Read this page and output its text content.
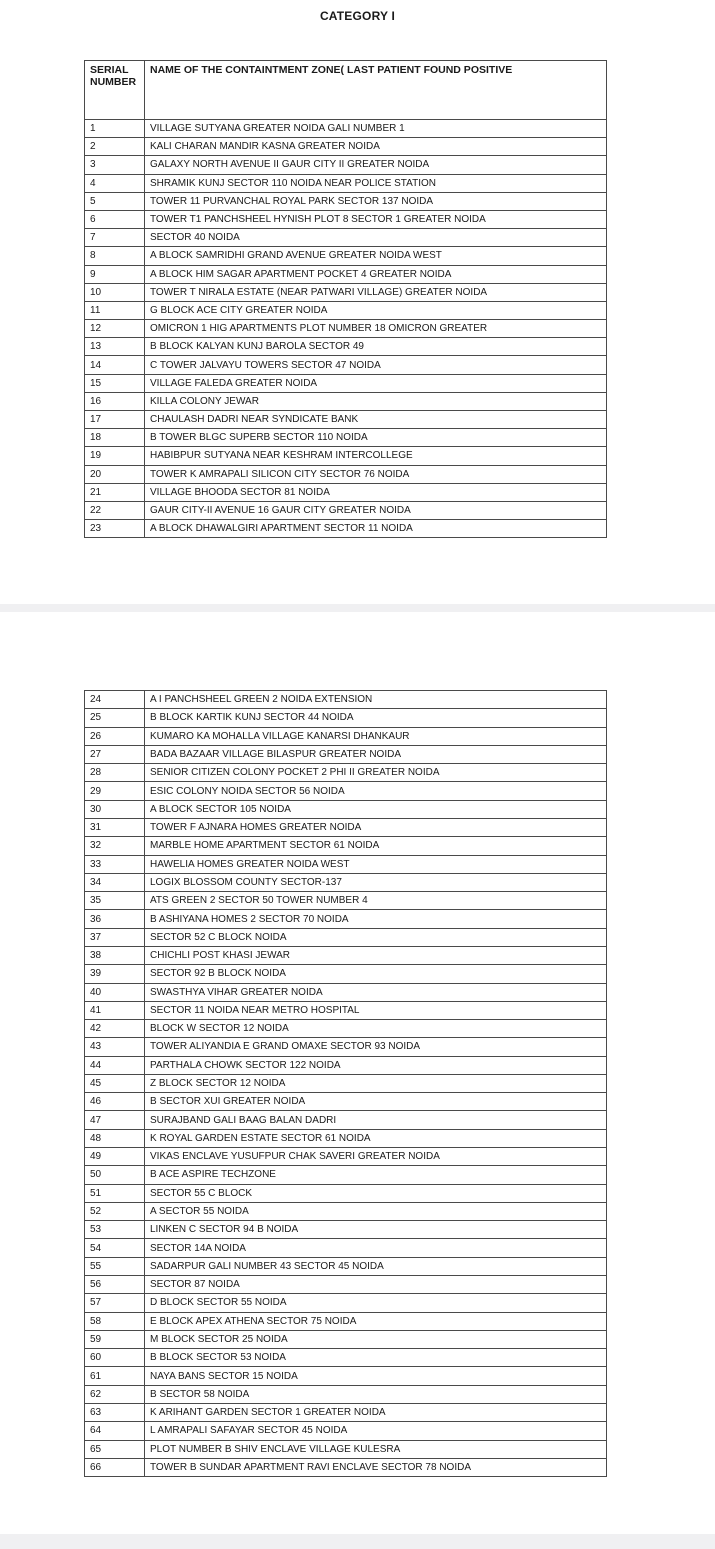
CATEGORY I
SERIAL NUMBER	NAME OF THE CONTAINTMENT ZONE( LAST PATIENT FOUND POSITIVE
1	VILLAGE SUTYANA GREATER NOIDA GALI NUMBER 1
2	KALI CHARAN MANDIR KASNA GREATER NOIDA
3	GALAXY NORTH AVENUE II GAUR CITY II GREATER NOIDA
4	SHRAMIK KUNJ SECTOR 110 NOIDA NEAR POLICE STATION
5	TOWER 11 PURVANCHAL ROYAL PARK SECTOR 137 NOIDA
6	TOWER T1 PANCHSHEEL HYNISH PLOT 8 SECTOR 1 GREATER NOIDA
7	SECTOR 40 NOIDA
8	A BLOCK SAMRIDHI GRAND AVENUE GREATER NOIDA WEST
9	A BLOCK HIM SAGAR APARTMENT POCKET 4 GREATER NOIDA
10	TOWER T NIRALA ESTATE (NEAR PATWARI VILLAGE) GREATER NOIDA
11	G BLOCK ACE CITY GREATER NOIDA
12	OMICRON 1 HIG APARTMENTS PLOT NUMBER 18 OMICRON GREATER
13	B BLOCK KALYAN KUNJ BAROLA SECTOR 49
14	C TOWER JALVAYU TOWERS SECTOR 47 NOIDA
15	VILLAGE FALEDA GREATER NOIDA
16	KILLA COLONY JEWAR
17	CHAULASH DADRI NEAR SYNDICATE BANK
18	B TOWER BLGC SUPERB SECTOR 110 NOIDA
19	HABIBPUR SUTYANA NEAR KESHRAM INTERCOLLEGE
20	TOWER K AMRAPALI SILICON CITY SECTOR 76 NOIDA
21	VILLAGE BHOODA SECTOR 81 NOIDA
22	GAUR CITY-II AVENUE 16 GAUR CITY GREATER NOIDA
23	A BLOCK DHAWALGIRI APARTMENT SECTOR 11 NOIDA
24	A I PANCHSHEEL GREEN 2 NOIDA EXTENSION
25	B BLOCK KARTIK KUNJ SECTOR 44 NOIDA
26	KUMARO KA MOHALLA VILLAGE KANARSI DHANKAUR
27	BADA BAZAAR VILLAGE BILASPUR GREATER NOIDA
28	SENIOR CITIZEN COLONY POCKET 2 PHI II GREATER NOIDA
29	ESIC COLONY NOIDA SECTOR 56 NOIDA
30	A BLOCK SECTOR 105 NOIDA
31	TOWER F AJNARA HOMES GREATER NOIDA
32	MARBLE HOME APARTMENT SECTOR 61 NOIDA
33	HAWELIA HOMES GREATER NOIDA WEST
34	LOGIX BLOSSOM COUNTY SECTOR-137
35	ATS GREEN 2 SECTOR 50 TOWER NUMBER 4
36	B ASHIYANA HOMES 2 SECTOR 70 NOIDA
37	SECTOR 52 C BLOCK NOIDA
38	CHICHLI POST KHASI JEWAR
39	SECTOR 92 B BLOCK NOIDA
40	SWASTHYA VIHAR GREATER NOIDA
41	SECTOR 11 NOIDA NEAR METRO HOSPITAL
42	BLOCK W SECTOR 12 NOIDA
43	TOWER ALIYANDIA E GRAND OMAXE SECTOR 93 NOIDA
44	PARTHALA CHOWK SECTOR 122 NOIDA
45	Z BLOCK SECTOR 12 NOIDA
46	B SECTOR XUI GREATER NOIDA
47	SURAJBAND GALI BAAG BALAN DADRI
48	K ROYAL GARDEN ESTATE SECTOR 61 NOIDA
49	VIKAS ENCLAVE YUSUFPUR CHAK SAVERI GREATER NOIDA
50	B ACE ASPIRE TECHZONE
51	SECTOR 55 C BLOCK
52	A SECTOR 55 NOIDA
53	LINKEN C SECTOR 94 B NOIDA
54	SECTOR 14A NOIDA
55	SADARPUR GALI NUMBER 43 SECTOR 45 NOIDA
56	SECTOR 87 NOIDA
57	D BLOCK SECTOR 55 NOIDA
58	E BLOCK APEX ATHENA SECTOR 75 NOIDA
59	M BLOCK SECTOR 25 NOIDA
60	B BLOCK SECTOR 53 NOIDA
61	NAYA BANS SECTOR 15 NOIDA
62	B SECTOR 58 NOIDA
63	K ARIHANT GARDEN SECTOR 1 GREATER NOIDA
64	L AMRAPALI SAFAYAR SECTOR 45 NOIDA
65	PLOT NUMBER B SHIV ENCLAVE VILLAGE KULESRA
66	TOWER B SUNDAR APARTMENT RAVI ENCLAVE SECTOR 78 NOIDA
